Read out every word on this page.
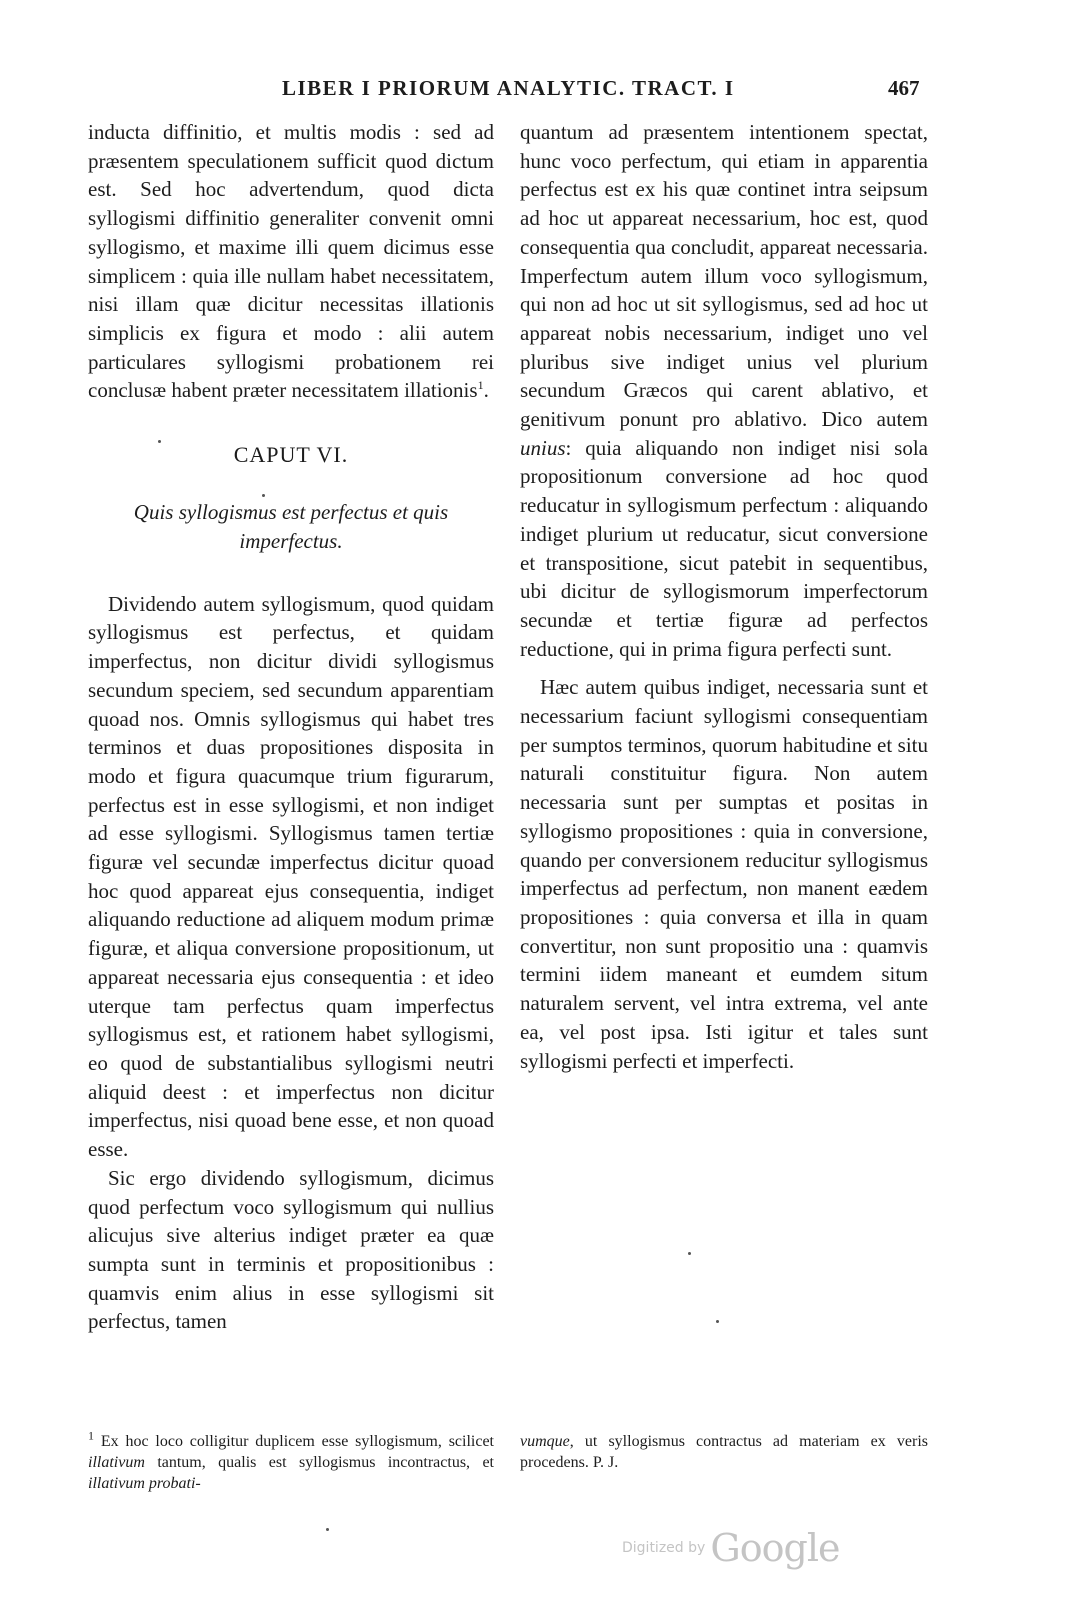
LIBER I PRIORUM ANALYTIC. TRACT. I	467

inducta diffinitio, et multis modis : sed ad præsentem speculationem sufficit quod dictum est. Sed hoc advertendum, quod dicta syllogismi diffinitio generaliter convenit omni syllogismo, et maxime illi quem dicimus esse simplicem : quia ille nullam habet necessitatem, nisi illam quæ dicitur necessitas illationis simplicis ex figura et modo : alii autem particulares syllogismi probationem rei conclusæ habent præter necessitatem illationis$^1$.

CAPUT VI.
Quis syllogismus est perfectus et quis imperfectus.

Dividendo autem syllogismum, quod quidam syllogismus est perfectus, et quidam imperfectus, non dicitur dividi syllogismus secundum speciem, sed secundum apparentiam quoad nos. Omnis syllogismus qui habet tres terminos et duas propositiones disposita in modo et figura quacumque trium figurarum, perfectus est in esse syllogismi, et non indiget ad esse syllogismi. Syllogismus tamen tertiæ figuræ vel secundæ imperfectus dicitur quoad hoc quod appareat ejus consequentia, indiget aliquando reductione ad aliquem modum primæ figuræ, et aliqua conversione propositionum, ut appareat necessaria ejus consequentia : et ideo uterque tam perfectus quam imperfectus syllogismus est, et rationem habet syllogismi, eo quod de substantialibus syllogismi neutri aliquid deest : et imperfectus non dicitur imperfectus, nisi quoad bene esse, et non quoad esse.

Sic ergo dividendo syllogismum, dicimus quod perfectum voco syllogismum qui nullius alicujus sive alterius indiget præter ea quæ sumpta sunt in terminis et propositionibus : quamvis enim alius in esse syllogismi sit perfectus, tamen

quantum ad præsentem intentionem spectat, hunc voco perfectum, qui etiam in apparentia perfectus est ex his quæ continet intra seipsum ad hoc ut appareat necessarium, hoc est, quod consequentia qua concludit, appareat necessaria. Imperfectum autem illum voco syllogismum, qui non ad hoc ut sit syllogismus, sed ad hoc ut appareat nobis necessarium, indiget uno vel pluribus sive indiget unius vel plurium secundum Græcos qui carent ablativo, et genitivum ponunt pro ablativo. Dico autem unius: quia aliquando non indiget nisi sola propositionum conversione ad hoc quod reducatur in syllogismum perfectum : aliquando indiget plurium ut reducatur, sicut conversione et transpositione, sicut patebit in sequentibus, ubi dicitur de syllogismorum imperfectorum secundæ et tertiæ figuræ ad perfectos reductione, qui in prima figura perfecti sunt.

Hæc autem quibus indiget, necessaria sunt et necessarium faciunt syllogismi consequentiam per sumptos terminos, quorum habitudine et situ naturali constituitur figura. Non autem necessaria sunt per sumptas et positas in syllogismo propositiones : quia in conversione, quando per conversionem reducitur syllogismus imperfectus ad perfectum, non manent eædem propositiones : quia conversa et illa in quam convertitur, non sunt propositio una : quamvis termini iidem maneant et eumdem situm naturalem servent, vel intra extrema, vel ante ea, vel post ipsa. Isti igitur et tales sunt syllogismi perfecti et imperfecti.

$^1$ Ex hoc loco colligitur duplicem esse syllogismum, scilicet illativum tantum, qualis est syllogismus incontractus, et illativum probati-

vumque, ut syllogismus contractus ad materiam ex veris procedens. P. J.

Digitized by Google
